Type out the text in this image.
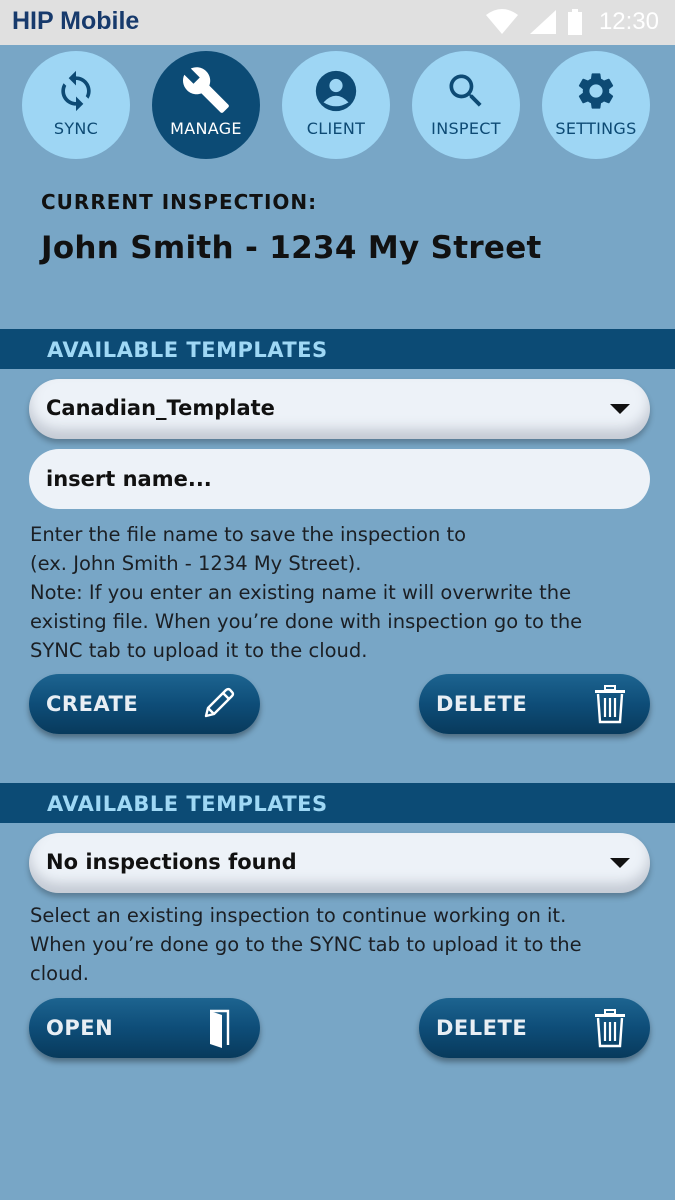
HIP Mobile	12:30
SYNC	MANAGE	CLIENT	INSPECT	SETTINGS
CURRENT INSPECTION:
John Smith - 1234 My Street
AVAILABLE TEMPLATES
Canadian_Template
insert name...
Enter the file name to save the inspection to
(ex. John Smith - 1234 My Street).
Note: If you enter an existing name it will overwrite the
existing file. When you’re done with inspection go to the
SYNC tab to upload it to the cloud.
CREATE	DELETE
AVAILABLE TEMPLATES
No inspections found
Select an existing inspection to continue working on it.
When you’re done go to the SYNC tab to upload it to the
cloud.
OPEN	DELETE
